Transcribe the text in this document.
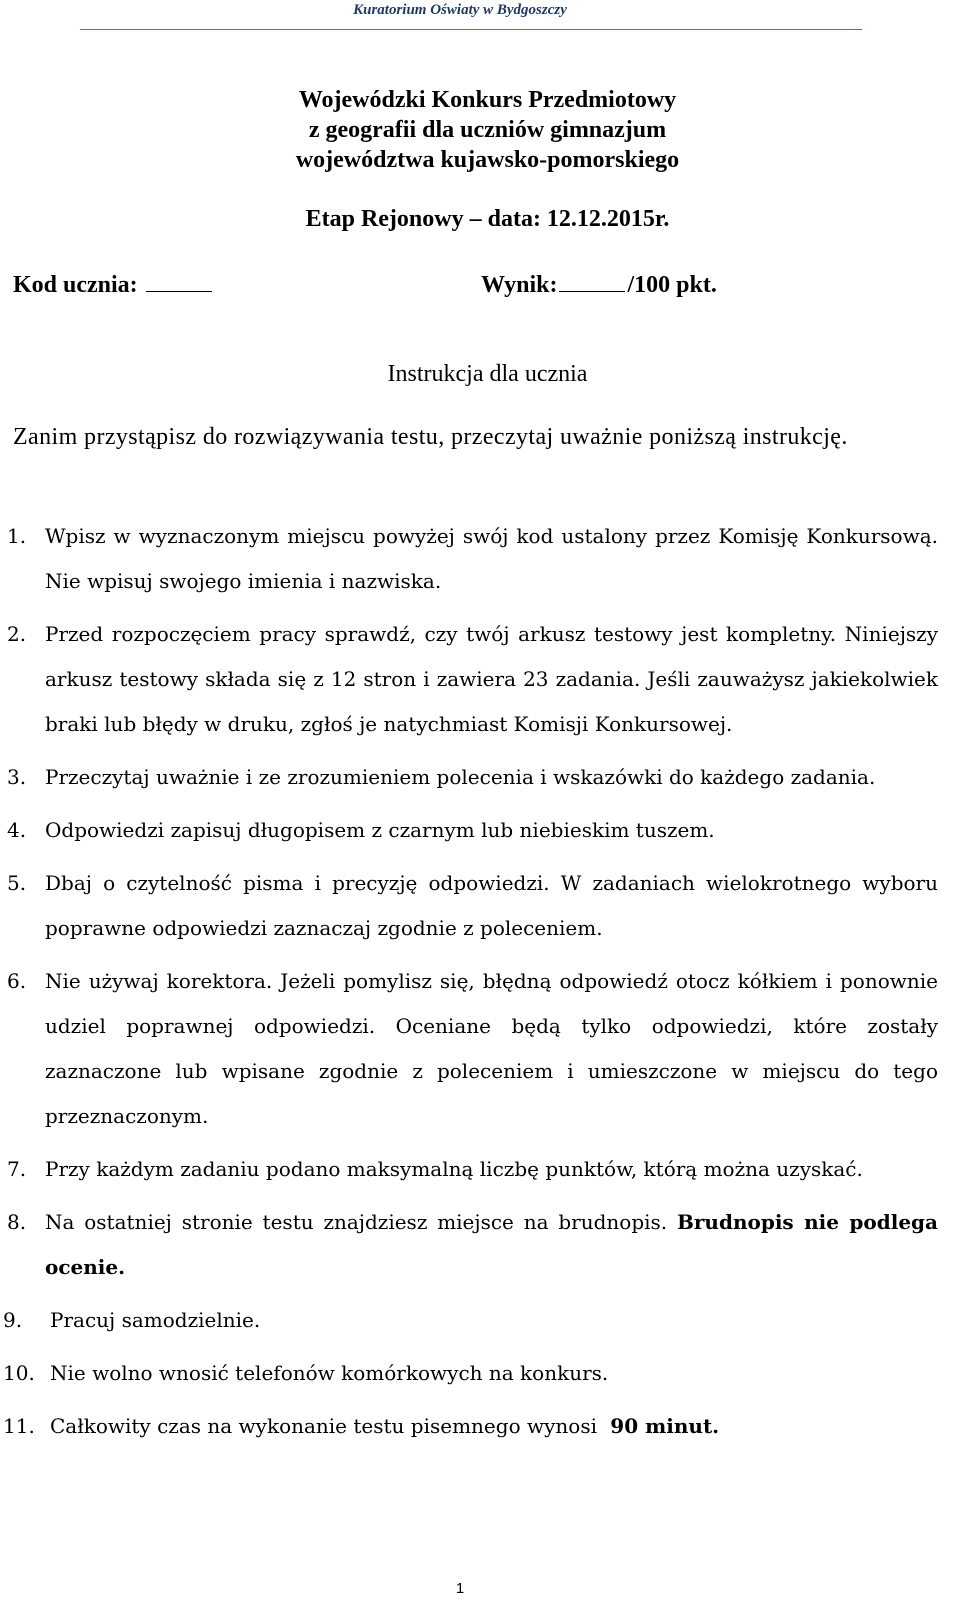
Kuratorium Oświaty w Bydgoszczy
Wojewódzki Konkurs Przedmiotowy
z geografii dla uczniów gimnazjum
województwa kujawsko-pomorskiego
Etap Rejonowy – data: 12.12.2015r.
Kod ucznia:	Wynik:	/100 pkt.
Instrukcja dla ucznia
Zanim przystąpisz do rozwiązywania testu, przeczytaj uważnie poniższą instrukcję.
1. Wpisz w wyznaczonym miejscu powyżej swój kod ustalony przez Komisję Konkursową. Nie wpisuj swojego imienia i nazwiska.
2. Przed rozpoczęciem pracy sprawdź, czy twój arkusz testowy jest kompletny. Niniejszy arkusz testowy składa się z 12 stron i zawiera 23 zadania. Jeśli zauważysz jakiekolwiek braki lub błędy w druku, zgłoś je natychmiast Komisji Konkursowej.
3. Przeczytaj uważnie i ze zrozumieniem polecenia i wskazówki do każdego zadania.
4. Odpowiedzi zapisuj długopisem z czarnym lub niebieskim tuszem.
5. Dbaj o czytelność pisma i precyzję odpowiedzi. W zadaniach wielokrotnego wyboru poprawne odpowiedzi zaznaczaj zgodnie z poleceniem.
6. Nie używaj korektora. Jeżeli pomylisz się, błędną odpowiedź otocz kółkiem i ponownie udziel poprawnej odpowiedzi. Oceniane będą tylko odpowiedzi, które zostały zaznaczone lub wpisane zgodnie z poleceniem i umieszczone w miejscu do tego przeznaczonym.
7. Przy każdym zadaniu podano maksymalną liczbę punktów, którą można uzyskać.
8. Na ostatniej stronie testu znajdziesz miejsce na brudnopis. Brudnopis nie podlega ocenie.
9.	Pracuj samodzielnie.
10. Nie wolno wnosić telefonów komórkowych na konkurs.
11. Całkowity czas na wykonanie testu pisemnego wynosi  90 minut.
1
